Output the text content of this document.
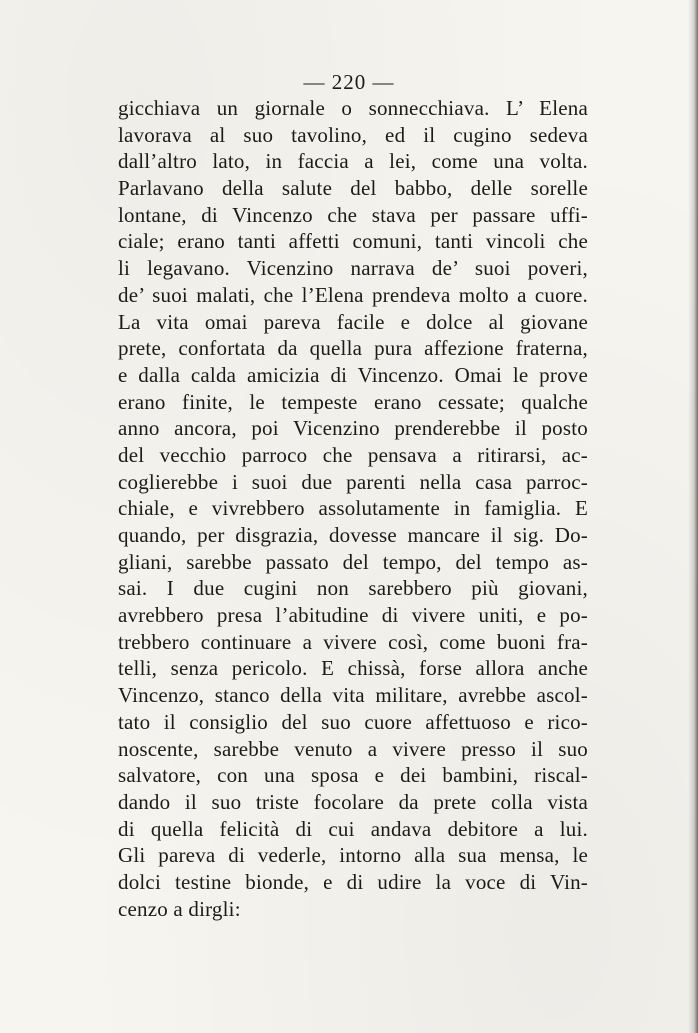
— 220 —
gicchiava un giornale o sonnecchiava. L’ Elena
lavorava al suo tavolino, ed il cugino sedeva
dall’altro lato, in faccia a lei, come una volta.
Parlavano della salute del babbo, delle sorelle
lontane, di Vincenzo che stava per passare uffi-
ciale; erano tanti affetti comuni, tanti vincoli che
li legavano. Vicenzino narrava de’ suoi poveri,
de’ suoi malati, che l’Elena prendeva molto a cuore.
La vita omai pareva facile e dolce al giovane
prete, confortata da quella pura affezione fraterna,
e dalla calda amicizia di Vincenzo. Omai le prove
erano finite, le tempeste erano cessate; qualche
anno ancora, poi Vicenzino prenderebbe il posto
del vecchio parroco che pensava a ritirarsi, ac-
coglierebbe i suoi due parenti nella casa parroc-
chiale, e vivrebbero assolutamente in famiglia. E
quando, per disgrazia, dovesse mancare il sig. Do-
gliani, sarebbe passato del tempo, del tempo as-
sai. I due cugini non sarebbero più giovani,
avrebbero presa l’abitudine di vivere uniti, e po-
trebbero continuare a vivere così, come buoni fra-
telli, senza pericolo. E chissà, forse allora anche
Vincenzo, stanco della vita militare, avrebbe ascol-
tato il consiglio del suo cuore affettuoso e rico-
noscente, sarebbe venuto a vivere presso il suo
salvatore, con una sposa e dei bambini, riscal-
dando il suo triste focolare da prete colla vista
di quella felicità di cui andava debitore a lui.
Gli pareva di vederle, intorno alla sua mensa, le
dolci testine bionde, e di udire la voce di Vin-
cenzo a dirgli:
